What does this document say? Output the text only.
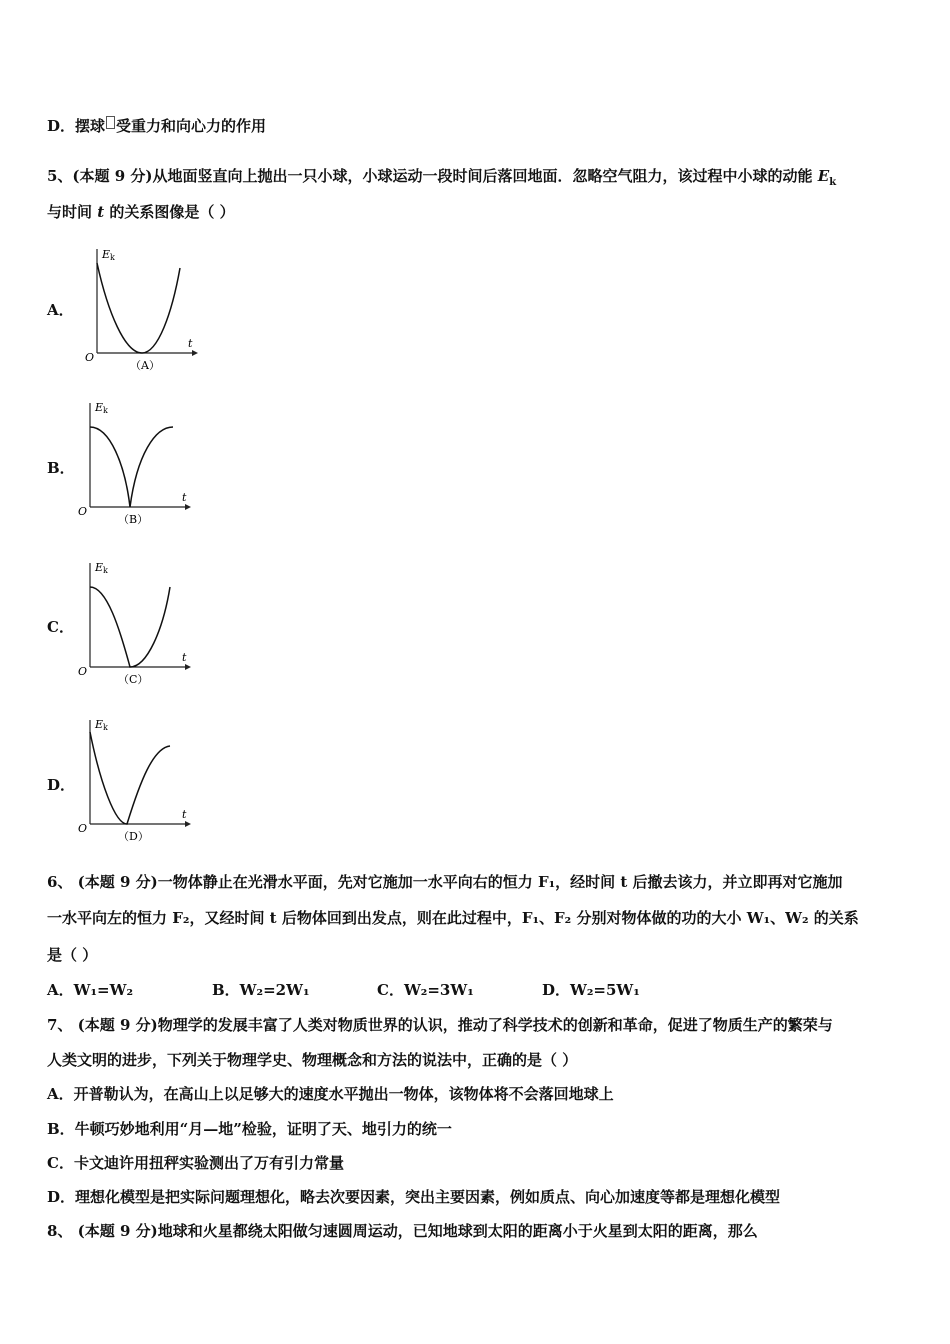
D．摆球 受重力和向心力的作用
5、(本题 9 分)从地面竖直向上抛出一只小球，小球运动一段时间后落回地面．忽略空气阻力，该过程中小球的动能 $E_k$
与时间 t 的关系图像是（ ）
A．
Ek
O
t
（A）
B．
Ek
O
t
（B）
C．
Ek
O
t
（C）
D．
Ek
O
t
（D）
6、 (本题 9 分)一物体静止在光滑水平面，先对它施加一水平向右的恒力 F₁，经时间 t 后撤去该力，并立即再对它施加
一水平向左的恒力 F₂，又经时间 t 后物体回到出发点，则在此过程中，F₁、F₂ 分别对物体做的功的大小 W₁、W₂ 的关系
是（ ）
A．W₁=W₂	B．W₂=2W₁	C．W₂=3W₁	D．W₂=5W₁
7、 (本题 9 分)物理学的发展丰富了人类对物质世界的认识，推动了科学技术的创新和革命，促进了物质生产的繁荣与
人类文明的进步，下列关于物理学史、物理概念和方法的说法中，正确的是（ ）
A．开普勒认为，在高山上以足够大的速度水平抛出一物体，该物体将不会落回地球上
B．牛顿巧妙地利用“月—地”检验，证明了天、地引力的统一
C．卡文迪许用扭秤实验测出了万有引力常量
D．理想化模型是把实际问题理想化，略去次要因素，突出主要因素，例如质点、向心加速度等都是理想化模型
8、 (本题 9 分)地球和火星都绕太阳做匀速圆周运动，已知地球到太阳的距离小于火星到太阳的距离，那么
